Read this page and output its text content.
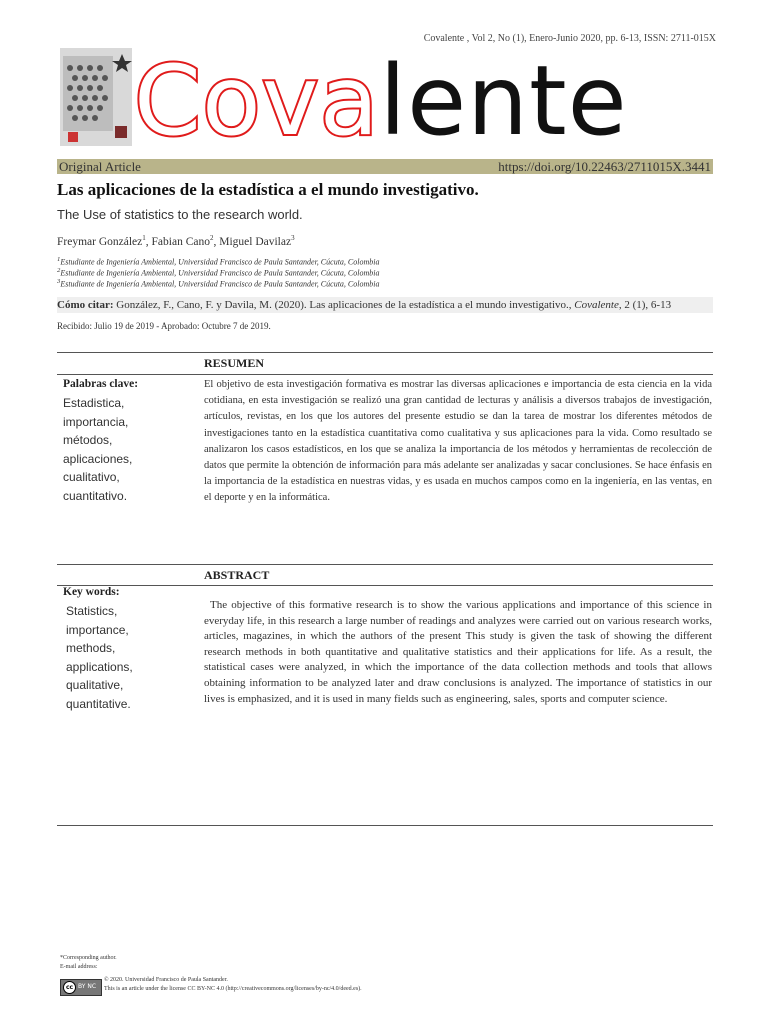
Covalente , Vol 2, No (1), Enero-Junio 2020, pp. 6-13, ISSN: 2711-015X
Covalente
Original Article	https://doi.org/10.22463/2711015X.3441
Las aplicaciones de la estadística a el mundo investigativo.
The Use of statistics to the research world.
Freymar González$^1$, Fabian Cano$^2$, Miguel Davilaz$^3$
$^1$Estudiante de Ingeniería Ambiental, Universidad Francisco de Paula Santander, Cúcuta, Colombia
$^2$Estudiante de Ingeniería Ambiental, Universidad Francisco de Paula Santander, Cúcuta, Colombia
$^3$Estudiante de Ingeniería Ambiental, Universidad Francisco de Paula Santander, Cúcuta, Colombia
Cómo citar: González, F., Cano, F. y Davila, M. (2020). Las aplicaciones de la estadística a el mundo investigativo., Covalente, 2 (1), 6-13
Recibido: Julio 19 de 2019 - Aprobado: Octubre 7 de 2019.
RESUMEN
Palabras clave:
Estadistica,
importancia,
métodos,
aplicaciones,
cualitativo,
cuantitativo.
El objetivo de esta investigación formativa es mostrar las diversas aplicaciones e importancia de esta ciencia en la vida cotidiana, en esta investigación se realizó una gran cantidad de lecturas y análisis a diversos trabajos de investigación, artículos, revistas, en los que los autores del presente estudio se dan la tarea de mostrar los diferentes métodos de investigaciones tanto en la estadística cuantitativa como cualitativa y sus aplicaciones para la vida. Como resultado se analizaron los casos estadísticos, en los que se analiza la importancia de los métodos y herramientas de recolección de datos que permite la obtención de información para más adelante ser analizadas y sacar conclusiones. Se hace énfasis en la importancia de la estadística en nuestras vidas, y es usada en muchos campos como en la ingeniería, en las ventas, en el deporte y en la informática.
ABSTRACT
Key words:
Statistics,
importance,
methods,
applications,
qualitative,
quantitative.
The objective of this formative research is to show the various applications and importance of this science in everyday life, in this research a large number of readings and analyzes were carried out on various research works, articles, magazines, in which the authors of the present This study is given the task of showing the different research methods in both quantitative and qualitative statistics and their applications for life. As a result, the statistical cases were analyzed, in which the importance of the data collection methods and tools that allows obtaining information to be analyzed later and draw conclusions is analyzed. The importance of statistics in our lives is emphasized, and it is used in many fields such as engineering, sales, sports and computer science.
*Corresponding author.
E-mail address:
cc BY NC
© 2020. Universidad Francisco de Paula Santander.
This is an article under the license CC BY-NC 4.0 (http://creativecommons.org/licenses/by-nc/4.0/deed.es).
